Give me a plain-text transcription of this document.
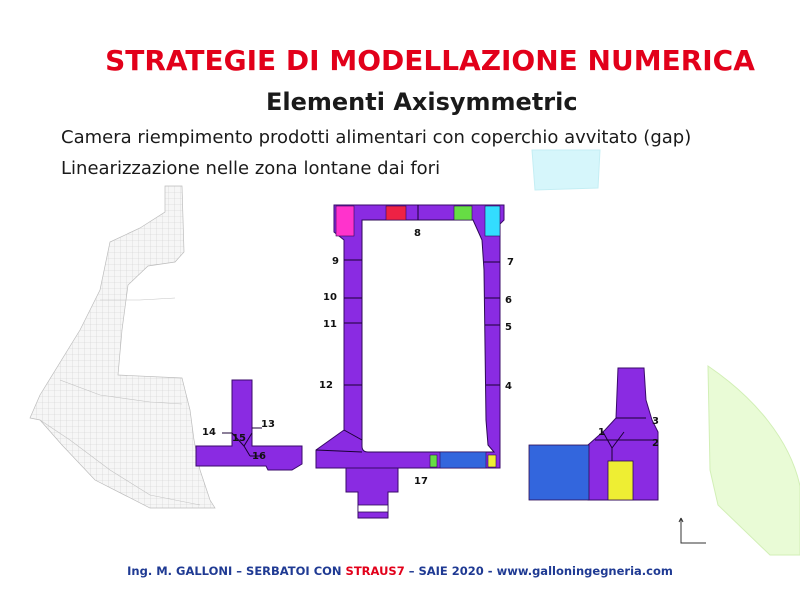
1
2
3
4
5
6
7
8
9
10
11
12
13
14
15
16
17
STRATEGIE DI MODELLAZIONE NUMERICA
Elementi Axisymmetric
Camera riempimento prodotti alimentari con coperchio avvitato (gap)
Linearizzazione nelle zona lontane dai fori
Ing. M. GALLONI – SERBATOI CON STRAUS7 – SAIE 2020 - www.galloningegneria.com
